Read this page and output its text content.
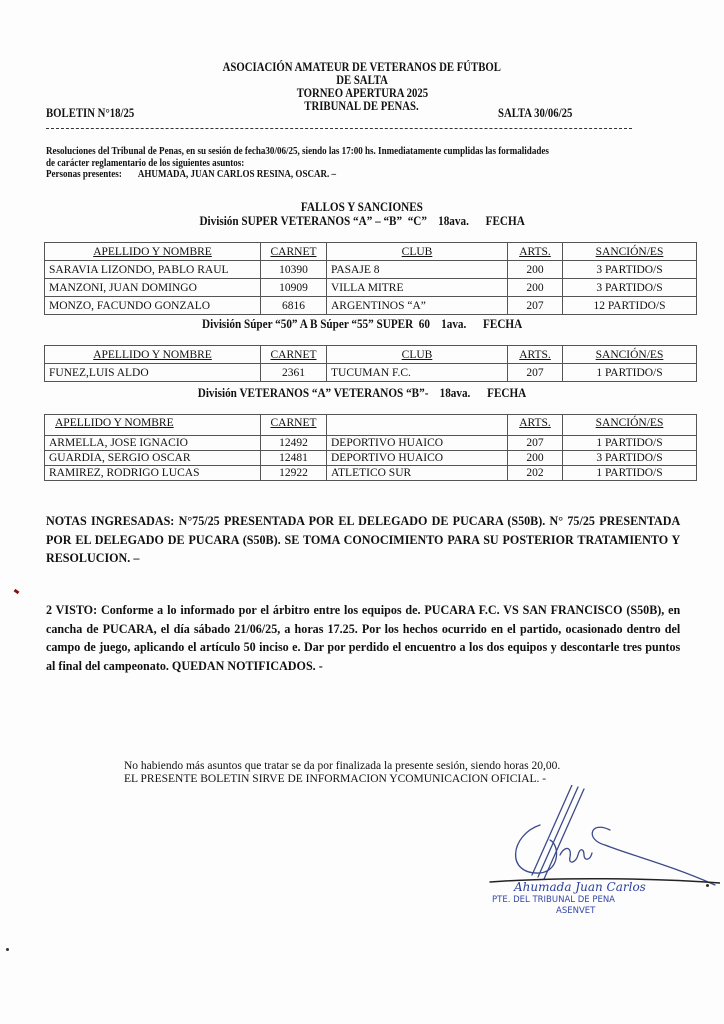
ASOCIACIÓN AMATEUR DE VETERANOS DE FÚTBOL
DE SALTA
TORNEO APERTURA 2025
TRIBUNAL DE PENAS.
BOLETIN N°18/25	SALTA 30/06/25
Resoluciones del Tribunal de Penas, en su sesión de fecha30/06/25, siendo las 17:00 hs. Inmediatamente cumplidas las formalidades
de carácter reglamentario de los siguientes asuntos:
Personas presentes: AHUMADA, JUAN CARLOS RESINA, OSCAR. –
FALLOS Y SANCIONES
División SUPER VETERANOS “A” – “B”  “C”    18ava.      FECHA
APELLIDO Y NOMBRE	CARNET	CLUB	ARTS.	SANCIÓN/ES
SARAVIA LIZONDO, PABLO RAUL	10390	PASAJE 8	200	3 PARTIDO/S
MANZONI, JUAN DOMINGO	10909	VILLA MITRE	200	3 PARTIDO/S
MONZO, FACUNDO GONZALO	6816	ARGENTINOS “A”	207	12 PARTIDO/S
División Súper “50” A B Súper “55” SUPER  60    1ava.      FECHA
APELLIDO Y NOMBRE	CARNET	CLUB	ARTS.	SANCIÓN/ES
FUNEZ,LUIS ALDO	2361	TUCUMAN F.C.	207	1 PARTIDO/S
División VETERANOS “A” VETERANOS “B”-    18ava.      FECHA
APELLIDO Y NOMBRE	CARNET		ARTS.	SANCIÓN/ES
ARMELLA, JOSE IGNACIO	12492	DEPORTIVO HUAICO	207	1 PARTIDO/S
GUARDIA, SERGIO OSCAR	12481	DEPORTIVO HUAICO	200	3 PARTIDO/S
RAMIREZ, RODRIGO LUCAS	12922	ATLETICO SUR	202	1 PARTIDO/S
NOTAS INGRESADAS: N°75/25 PRESENTADA POR EL DELEGADO DE PUCARA (S50B). N° 75/25 PRESENTADA POR EL DELEGADO DE PUCARA (S50B). SE TOMA CONOCIMIENTO PARA SU POSTERIOR TRATAMIENTO Y RESOLUCION. –
2 VISTO: Conforme a lo informado por el árbitro entre los equipos de. PUCARA F.C. VS SAN FRANCISCO (S50B), en cancha de PUCARA, el día sábado 21/06/25, a horas 17.25. Por los hechos ocurrido en el partido, ocasionado dentro del campo de juego, aplicando el artículo 50 inciso e. Dar por perdido el encuentro a los dos equipos y descontarle tres puntos al final del campeonato. QUEDAN NOTIFICADOS. -
No habiendo más asuntos que tratar se da por finalizada la presente sesión, siendo horas 20,00.
EL PRESENTE BOLETIN SIRVE DE INFORMACION YCOMUNICACION OFICIAL. -
Ahumada Juan Carlos
PTE. DEL TRIBUNAL DE PENA
ASENVET
